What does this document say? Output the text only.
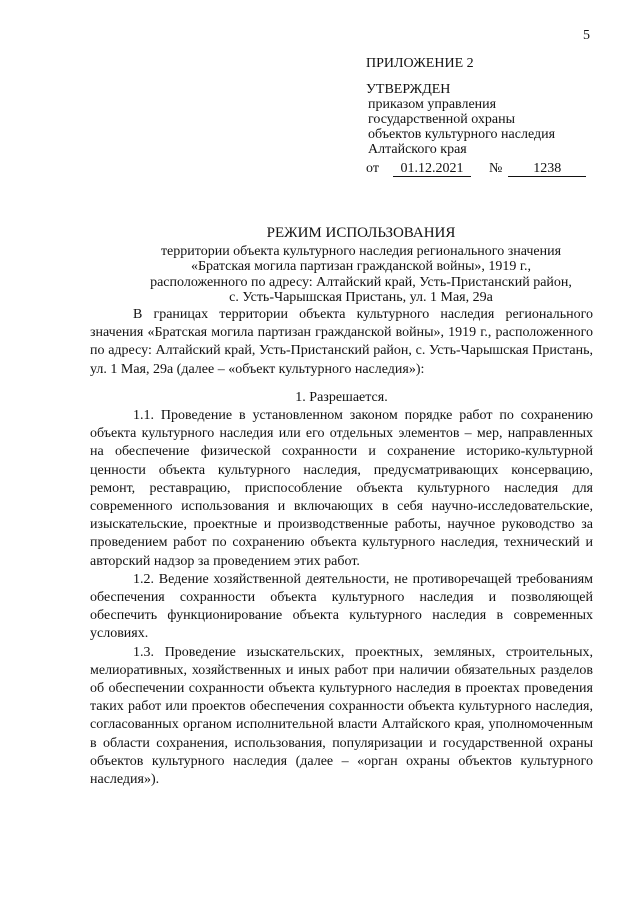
5
ПРИЛОЖЕНИЕ 2
УТВЕРЖДЕН
приказом управления
государственной охраны
объектов культурного наследия
Алтайского края
от 01.12.2021 № 1238
РЕЖИМ ИСПОЛЬЗОВАНИЯ
территории объекта культурного наследия регионального значения
«Братская могила партизан гражданской войны», 1919 г.,
расположенного по адресу: Алтайский край, Усть-Пристанский район,
с. Усть-Чарышская Пристань, ул. 1 Мая, 29а

В границах территории объекта культурного наследия регионального значения «Братская могила партизан гражданской войны», 1919 г., расположенного по адресу: Алтайский край, Усть-Пристанский район, с. Усть-Чарышская Пристань, ул. 1 Мая, 29а (далее – «объект культурного наследия»):

1. Разрешается.

1.1. Проведение в установленном законом порядке работ по сохранению объекта культурного наследия или его отдельных элементов – мер, направленных на обеспечение физической сохранности и сохранение историко-культурной ценности объекта культурного наследия, предусматривающих консервацию, ремонт, реставрацию, приспособление объекта культурного наследия для современного использования и включающих в себя научно-исследовательские, изыскательские, проектные и производственные работы, научное руководство за проведением работ по сохранению объекта культурного наследия, технический и авторский надзор за проведением этих работ.

1.2. Ведение хозяйственной деятельности, не противоречащей требованиям обеспечения сохранности объекта культурного наследия и позволяющей обеспечить функционирование объекта культурного наследия в современных условиях.

1.3. Проведение изыскательских, проектных, земляных, строительных, мелиоративных, хозяйственных и иных работ при наличии обязательных разделов об обеспечении сохранности объекта культурного наследия в проектах проведения таких работ или проектов обеспечения сохранности объекта культурного наследия, согласованных органом исполнительной власти Алтайского края, уполномоченным в области сохранения, использования, популяризации и государственной охраны объектов культурного наследия (далее – «орган охраны объектов культурного наследия»).
